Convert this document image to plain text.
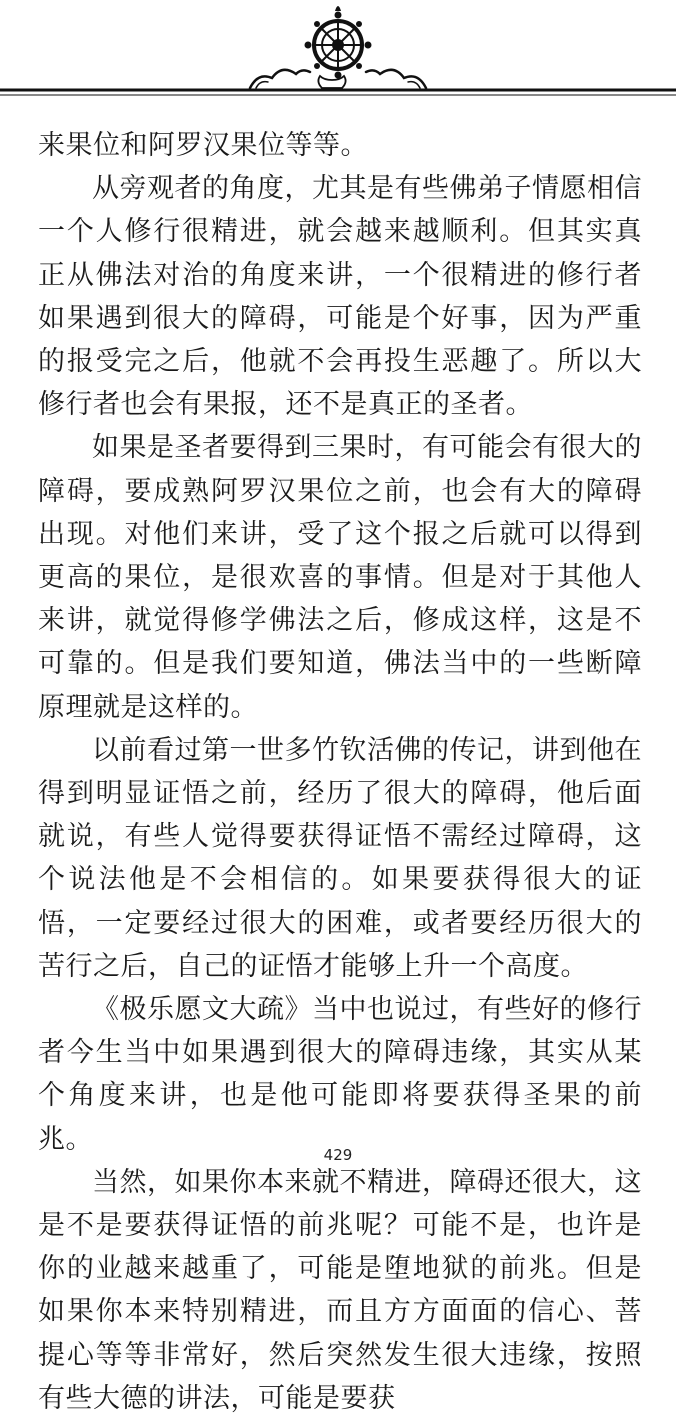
来果位和阿罗汉果位等等。

从旁观者的角度，尤其是有些佛弟子情愿相信一个人修行很精进，就会越来越顺利。但其实真正从佛法对治的角度来讲，一个很精进的修行者如果遇到很大的障碍，可能是个好事，因为严重的报受完之后，他就不会再投生恶趣了。所以大修行者也会有果报，还不是真正的圣者。

如果是圣者要得到三果时，有可能会有很大的障碍，要成熟阿罗汉果位之前，也会有大的障碍出现。对他们来讲，受了这个报之后就可以得到更高的果位，是很欢喜的事情。但是对于其他人来讲，就觉得修学佛法之后，修成这样，这是不可靠的。但是我们要知道，佛法当中的一些断障原理就是这样的。

以前看过第一世多竹钦活佛的传记，讲到他在得到明显证悟之前，经历了很大的障碍，他后面就说，有些人觉得要获得证悟不需经过障碍，这个说法他是不会相信的。如果要获得很大的证悟，一定要经过很大的困难，或者要经历很大的苦行之后，自己的证悟才能够上升一个高度。

《极乐愿文大疏》当中也说过，有些好的修行者今生当中如果遇到很大的障碍违缘，其实从某个角度来讲，也是他可能即将要获得圣果的前兆。

当然，如果你本来就不精进，障碍还很大，这是不是要获得证悟的前兆呢？可能不是，也许是你的业越来越重了，可能是堕地狱的前兆。但是如果你本来特别精进，而且方方面面的信心、菩提心等等非常好，然后突然发生很大违缘，按照有些大德的讲法，可能是要获

429
